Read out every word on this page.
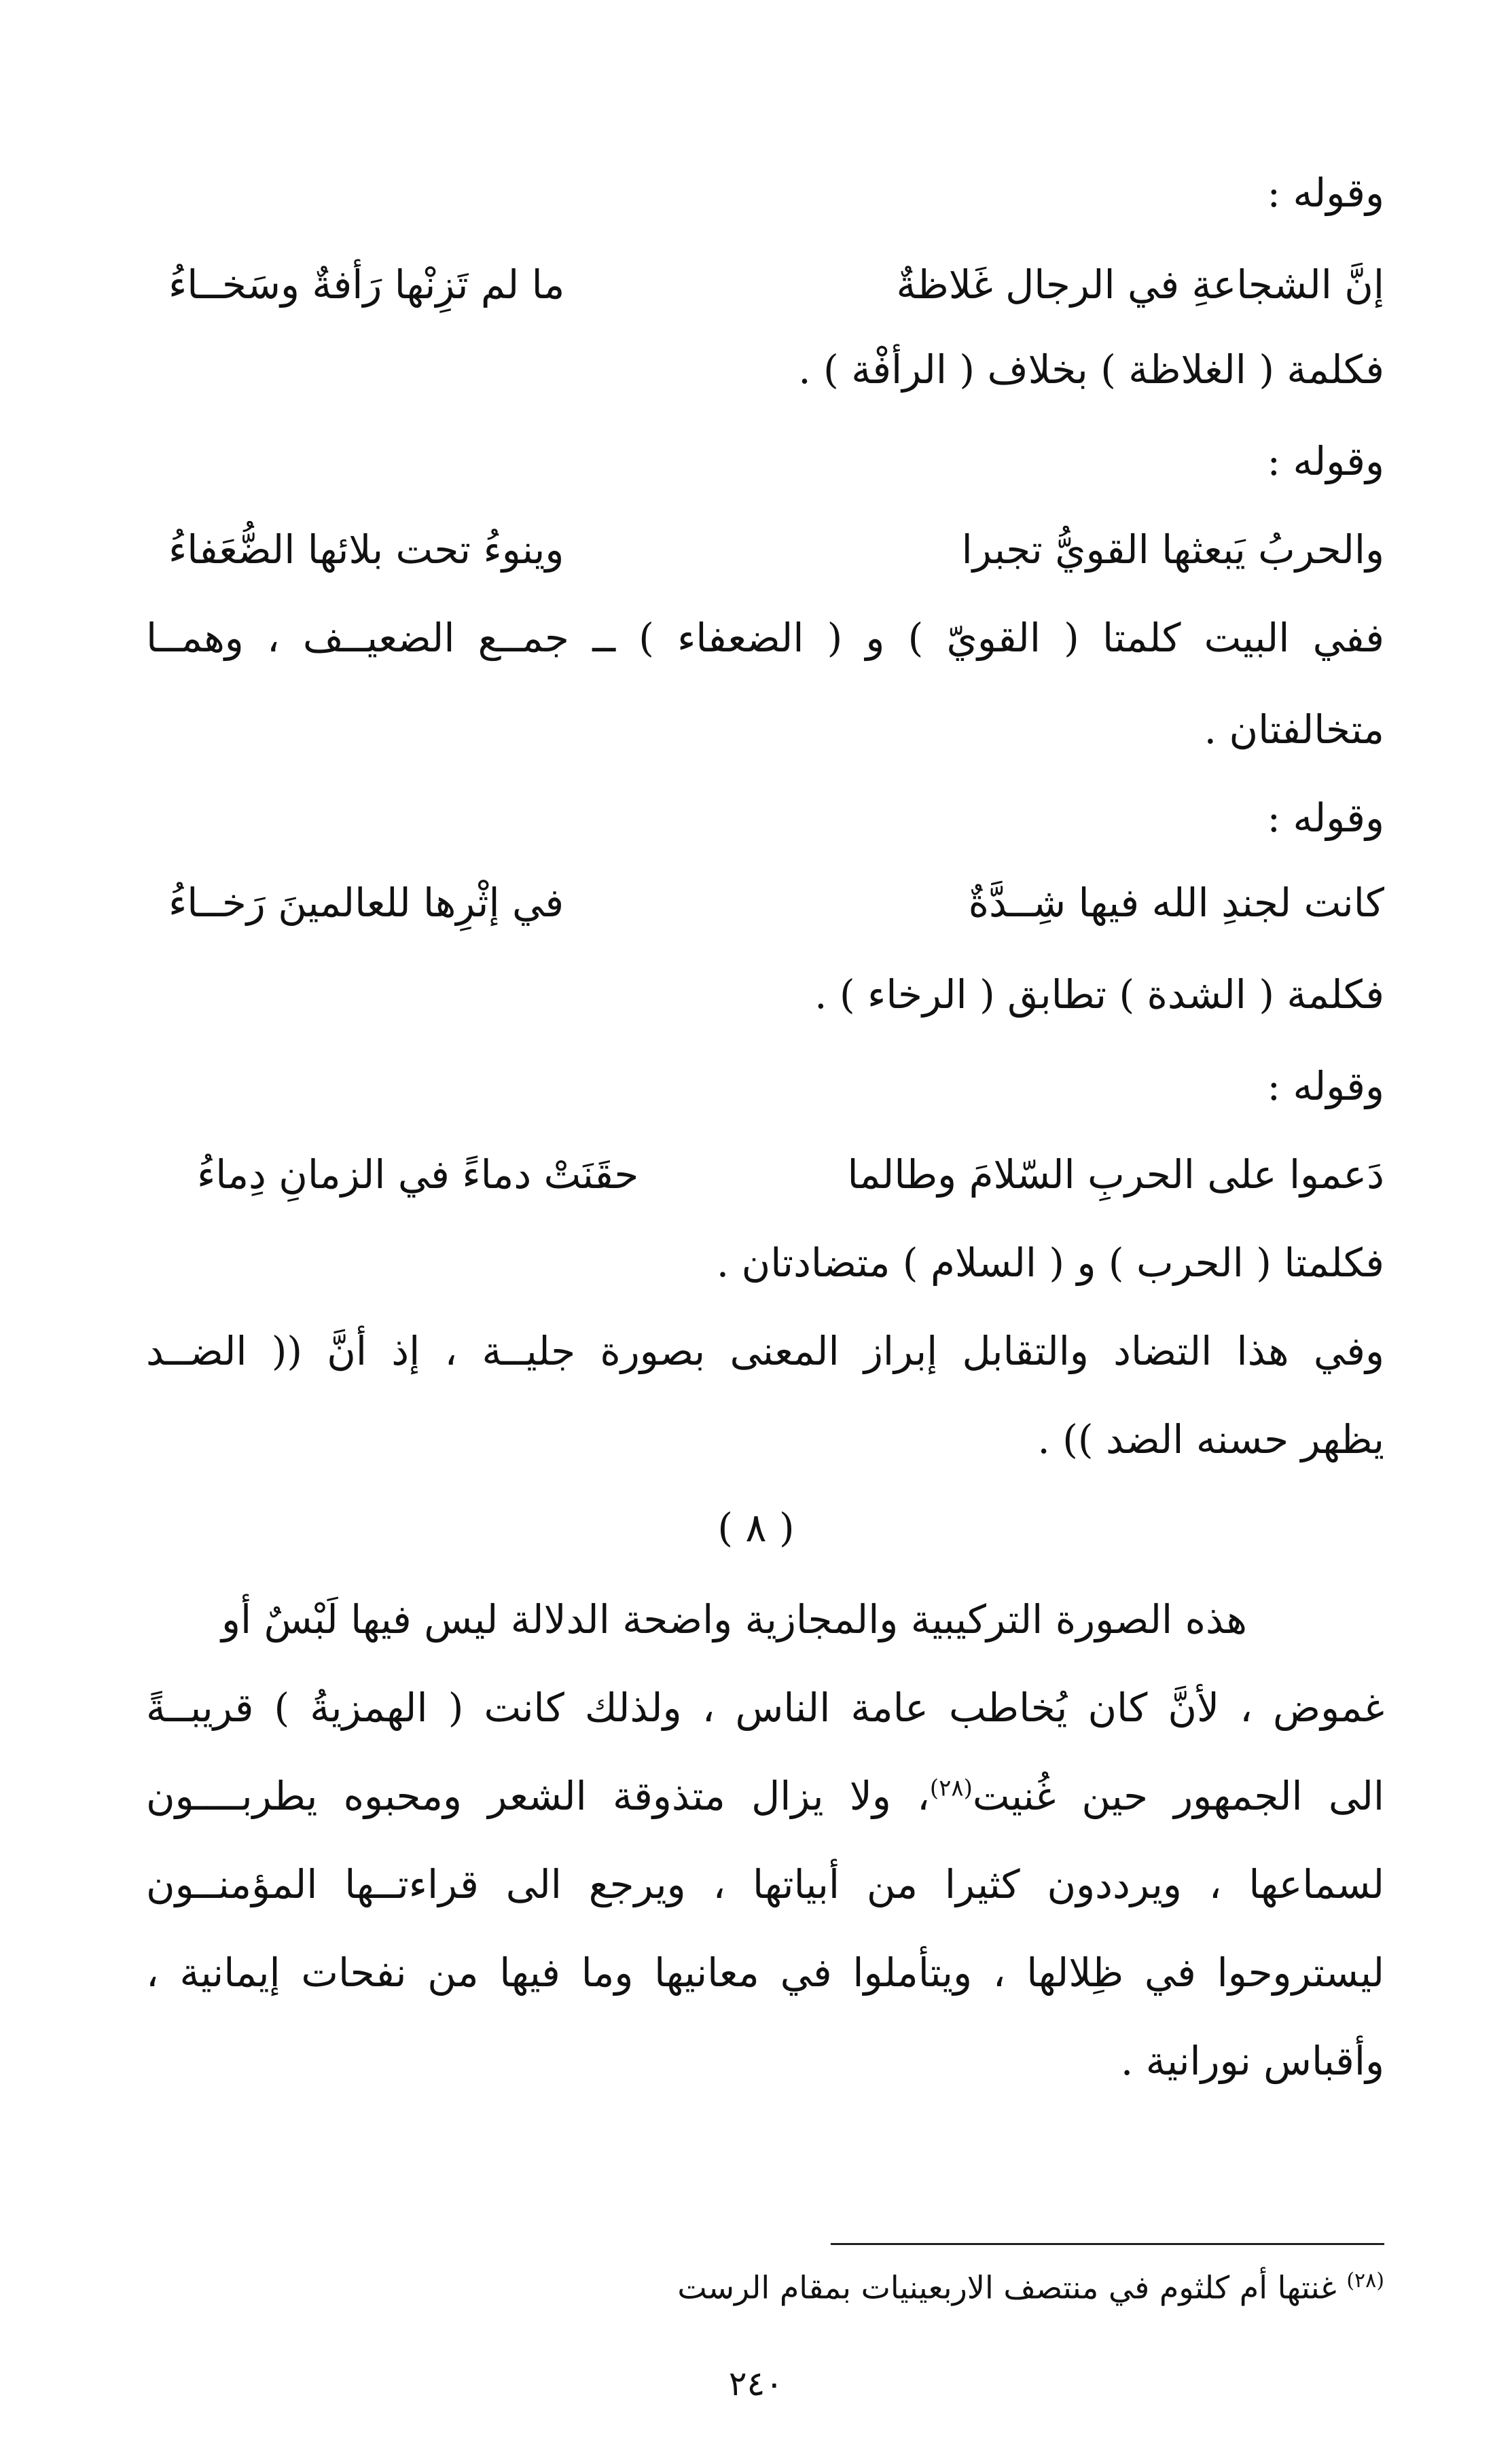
وقوله :
إنَّ الشجاعةِ في الرجال غَلاظةٌ
ما لم تَزِنْها رَأفةٌ وسَخــاءُ
فكلمة ( الغلاظة ) بخلاف ( الرأفْة ) .
وقوله :
والحربُ يَبعثها القويُّ تجبرا
وينوءُ تحت بلائها الضُّعَفاءُ
ففي البيت كلمتا ( القويّ ) و ( الضعفاء ) ــ جمــع الضعيــف ، وهمــا
متخالفتان .
وقوله :
كانت لجندِ الله فيها شِــدَّةٌ
في إثْرِها للعالمينَ رَخــاءُ
فكلمة ( الشدة ) تطابق ( الرخاء ) .
وقوله :
دَعموا على الحربِ السّلامَ وطالما
حقَنَتْ دماءً في الزمانِ دِماءُ
فكلمتا ( الحرب ) و ( السلام ) متضادتان .
وفي هذا التضاد والتقابل إبراز المعنى بصورة جليــة ، إذ أنَّ (( الضــد
يظهر حسنه الضد )) .
( ٨ )
هذه الصورة التركيبية والمجازية واضحة الدلالة ليس فيها لَبْسٌ أو
غموض ، لأنَّ كان يُخاطب عامة الناس ، ولذلك كانت ( الهمزيةُ ) قريبــةً
الى الجمهور حين غُنيت$^{(٢٨)}$، ولا يزال متذوقة الشعر ومحبوه يطربــــون
لسماعها ، ويرددون كثيرا من أبياتها ، ويرجع الى قراءتــها المؤمنــون
ليستروحوا في ظِلالها ، ويتأملوا في معانيها وما فيها من نفحات إيمانية ،
وأقباس نورانية .
$^{(٢٨)}$ غنتها أم كلثوم في منتصف الاربعينيات بمقام الرست
٢٤٠
